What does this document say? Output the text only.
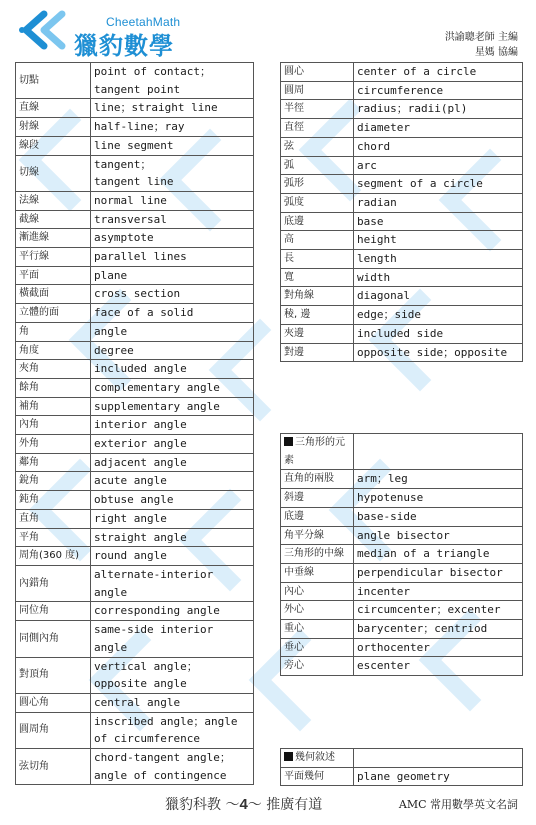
CheetahMath
獵豹數學	洪諭聰老師 主編
星媽 協編
切點	point of contact；tangent point
直線	line；straight line
射線	half-line；ray
線段	line segment
切線	tangent；
tangent line
法線	normal line
截線	transversal
漸進線	asymptote
平行線	parallel lines
平面	plane
橫截面	cross section
立體的面	face of a solid
角	angle
角度	degree
夾角	included angle
餘角	complementary angle
補角	supplementary angle
內角	interior angle
外角	exterior angle
鄰角	adjacent angle
銳角	acute angle
鈍角	obtuse angle
直角	right angle
平角	straight angle
周角(360 度)	round angle
內錯角	alternate-interior angle
同位角	corresponding angle
同側內角	same-side interior angle
對頂角	vertical angle；opposite angle
圓心角	central angle
圓周角	inscribed angle；angle of circumference
弦切角	chord-tangent angle；
angle of contingence
圓心	center of a circle
圓周	circumference
半徑	radius；radii(pl)
直徑	diameter
弦	chord
弧	arc
弧形	segment of a circle
弧度	radian
底邊	base
高	height
長	length
寬	width
對角線	diagonal
稜, 邊	edge；side
夾邊	included side
對邊	opposite side；opposite
三角形的元素	
直角的兩股	arm；leg
斜邊	hypotenuse
底邊	base-side
角平分線	angle bisector
三角形的中線	median of a triangle
中垂線	perpendicular bisector
內心	incenter
外心	circumcenter；excenter
重心	barycenter；centriod
垂心	orthocenter
旁心	escenter
幾何敘述	
平面幾何	plane geometry
獵豹科教 ～4～ 推廣有道	AMC 常用數學英文名詞
